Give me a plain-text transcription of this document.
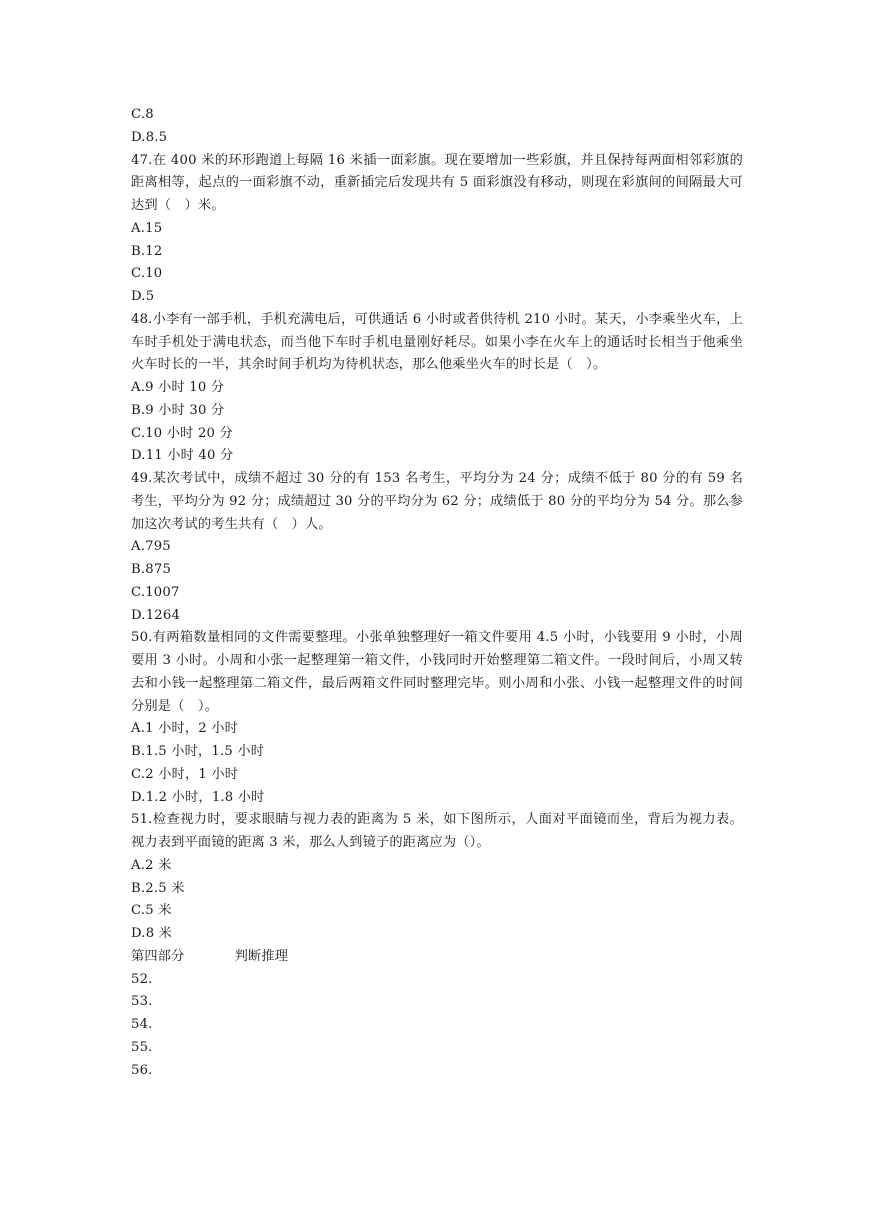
C.8
D.8.5
47.在 400 米的环形跑道上每隔 16 米插一面彩旗。现在要增加一些彩旗，并且保持每两面相邻彩旗的距离相等，起点的一面彩旗不动，重新插完后发现共有 5 面彩旗没有移动，则现在彩旗间的间隔最大可达到（　）米。
A.15
B.12
C.10
D.5
48.小李有一部手机，手机充满电后，可供通话 6 小时或者供待机 210 小时。某天，小李乘坐火车，上车时手机处于满电状态，而当他下车时手机电量刚好耗尽。如果小李在火车上的通话时长相当于他乘坐火车时长的一半，其余时间手机均为待机状态，那么他乘坐火车的时长是（　）。
A.9 小时 10 分
B.9 小时 30 分
C.10 小时 20 分
D.11 小时 40 分
49.某次考试中，成绩不超过 30 分的有 153 名考生，平均分为 24 分；成绩不低于 80 分的有 59 名考生，平均分为 92 分；成绩超过 30 分的平均分为 62 分；成绩低于 80 分的平均分为 54 分。那么参加这次考试的考生共有（　）人。
A.795
B.875
C.1007
D.1264
50.有两箱数量相同的文件需要整理。小张单独整理好一箱文件要用 4.5 小时，小钱要用 9 小时，小周要用 3 小时。小周和小张一起整理第一箱文件，小钱同时开始整理第二箱文件。一段时间后，小周又转去和小钱一起整理第二箱文件，最后两箱文件同时整理完毕。则小周和小张、小钱一起整理文件的时间分别是（　）。
A.1 小时，2 小时
B.1.5 小时，1.5 小时
C.2 小时，1 小时
D.1.2 小时，1.8 小时
51.检查视力时，要求眼睛与视力表的距离为 5 米，如下图所示，人面对平面镜而坐，背后为视力表。视力表到平面镜的距离 3 米，那么人到镜子的距离应为（）。
A.2 米
B.2.5 米
C.5 米
D.8 米
第四部分	判断推理
52.
53.
54.
55.
56.
